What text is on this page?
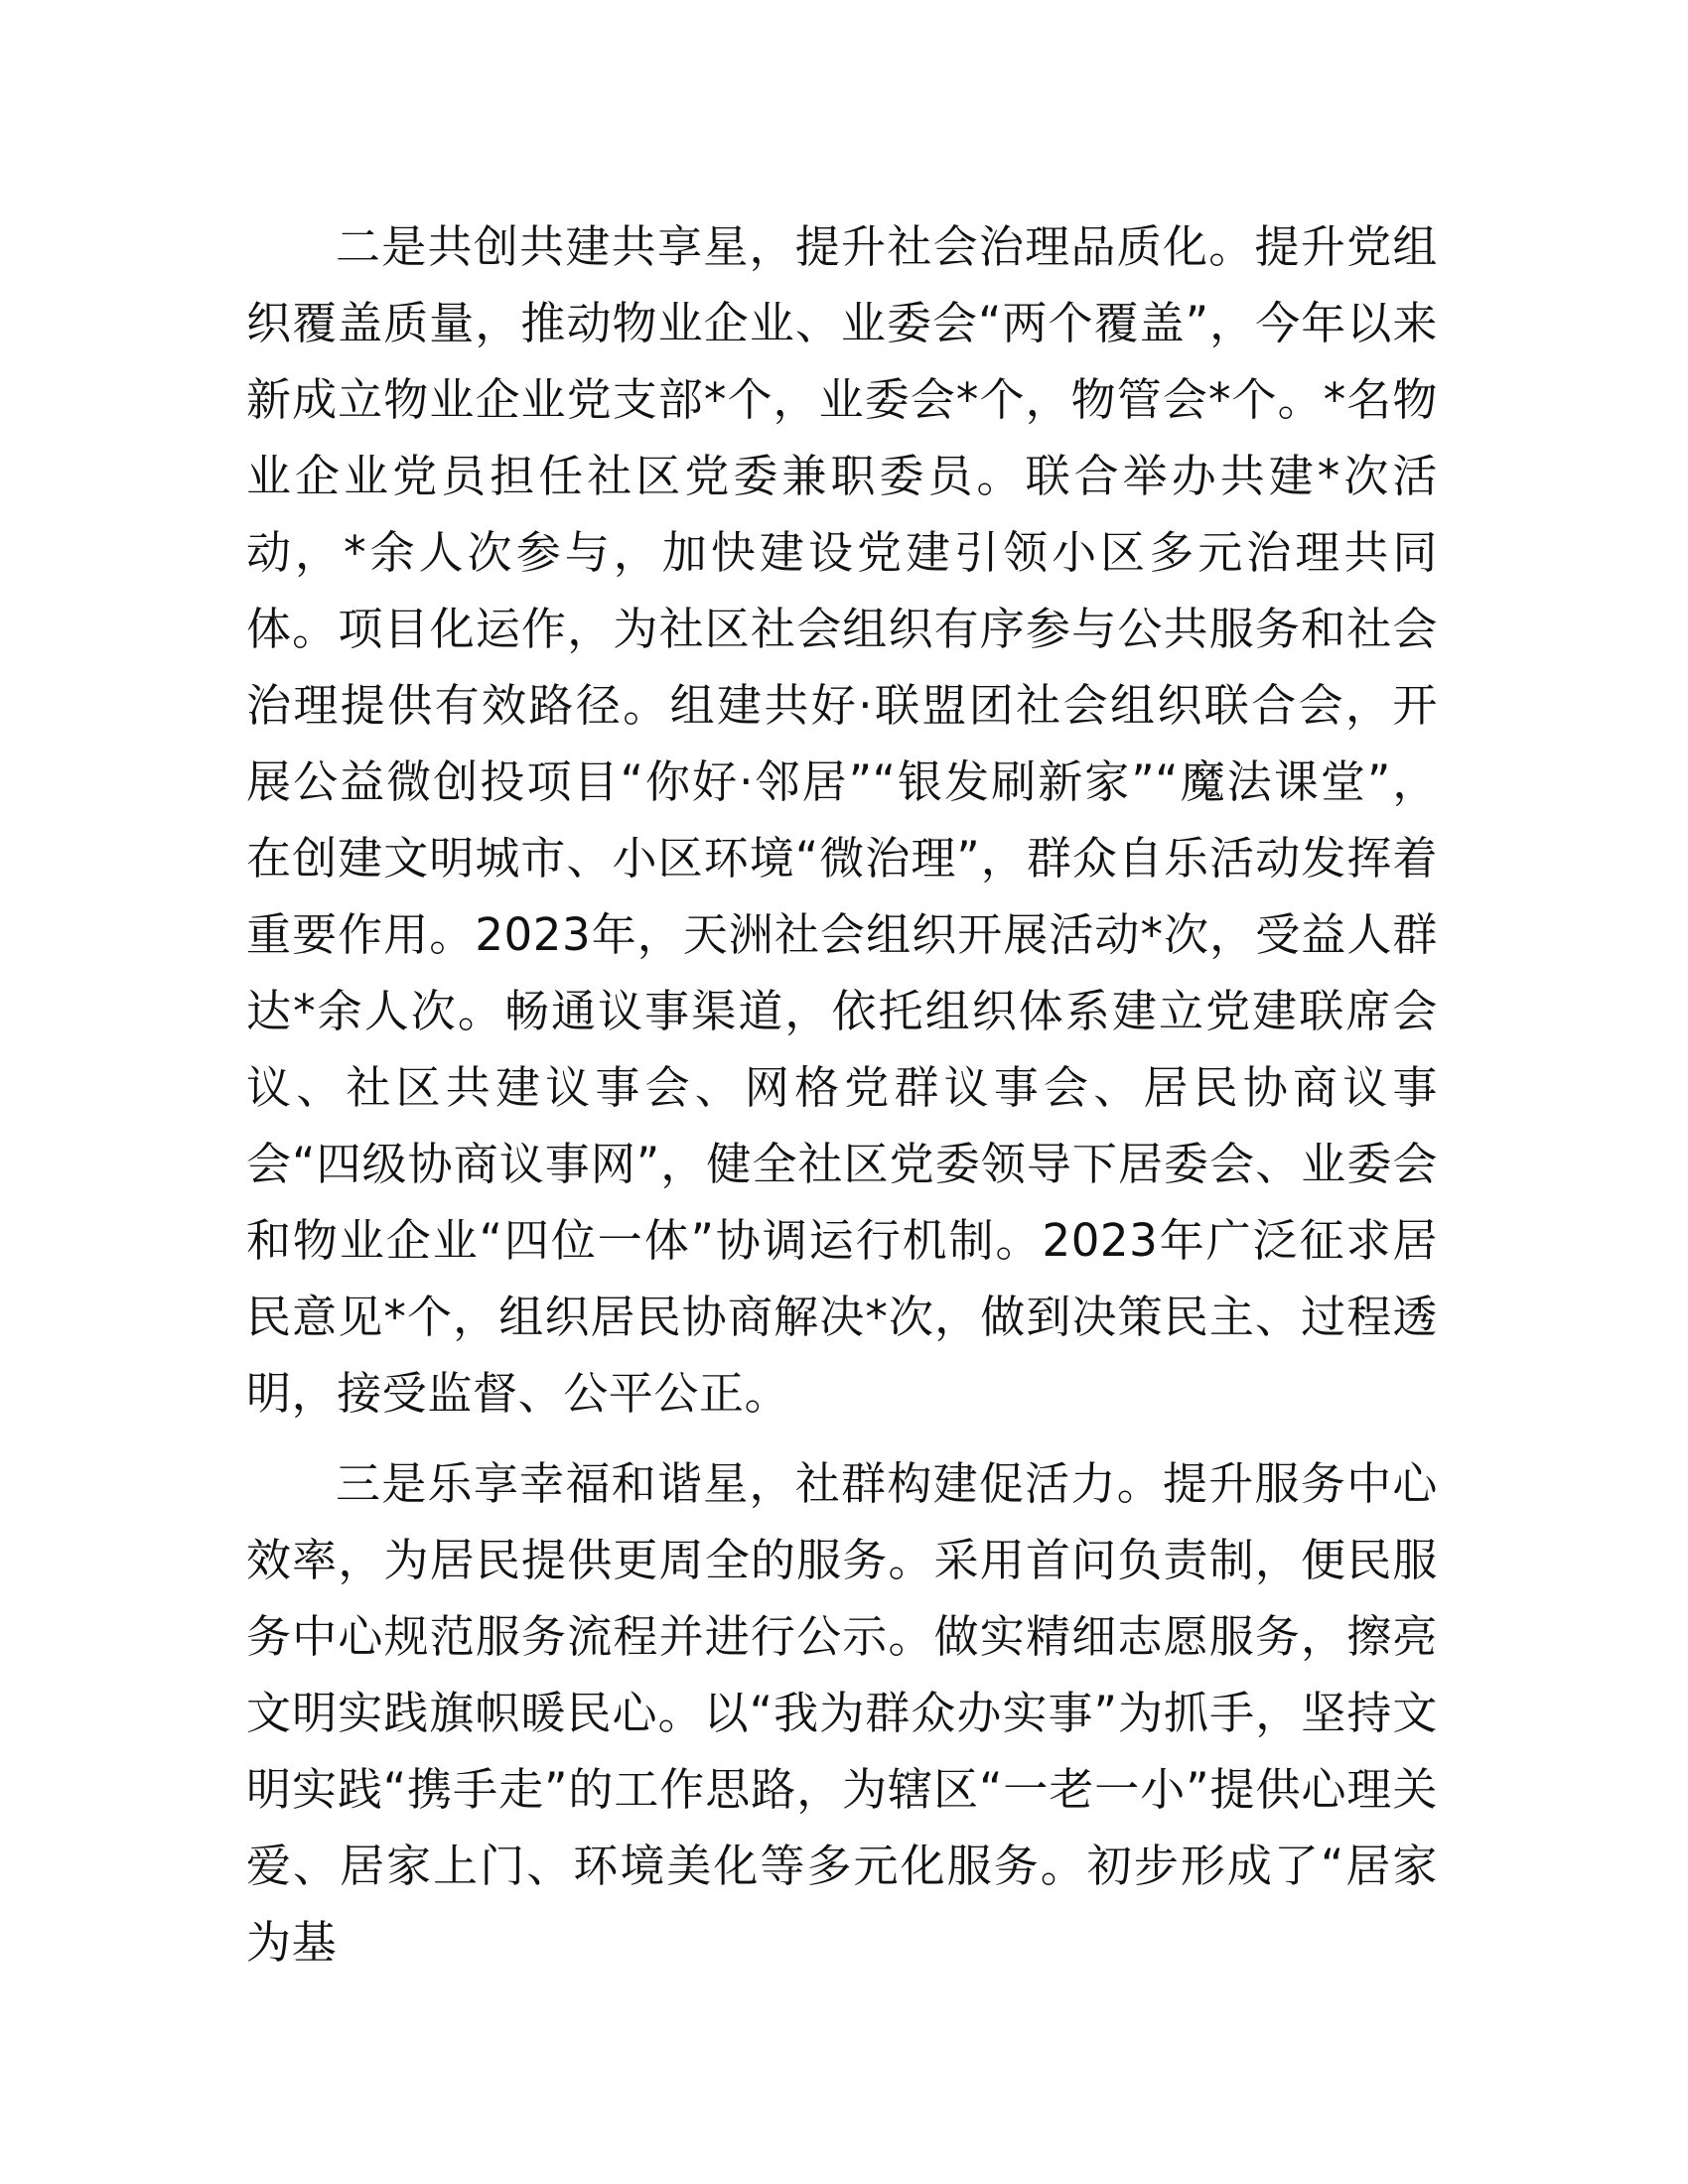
二是共创共建共享星，提升社会治理品质化。提升党组织覆盖质量，推动物业企业、业委会“两个覆盖”，今年以来新成立物业企业党支部*个，业委会*个，物管会*个。*名物业企业党员担任社区党委兼职委员。联合举办共建*次活动，*余人次参与，加快建设党建引领小区多元治理共同体。项目化运作，为社区社会组织有序参与公共服务和社会治理提供有效路径。组建共好·联盟团社会组织联合会，开展公益微创投项目“你好·邻居”“银发刷新家”“魔法课堂”，在创建文明城市、小区环境“微治理”，群众自乐活动发挥着重要作用。2023年，天洲社会组织开展活动*次，受益人群达*余人次。畅通议事渠道，依托组织体系建立党建联席会议、社区共建议事会、网格党群议事会、居民协商议事会“四级协商议事网”，健全社区党委领导下居委会、业委会和物业企业“四位一体”协调运行机制。2023年广泛征求居民意见*个，组织居民协商解决*次，做到决策民主、过程透明，接受监督、公平公正。

三是乐享幸福和谐星，社群构建促活力。提升服务中心效率，为居民提供更周全的服务。采用首问负责制，便民服务中心规范服务流程并进行公示。做实精细志愿服务，擦亮文明实践旗帜暖民心。以“我为群众办实事”为抓手，坚持文明实践“携手走”的工作思路，为辖区“一老一小”提供心理关爱、居家上门、环境美化等多元化服务。初步形成了“居家为基
